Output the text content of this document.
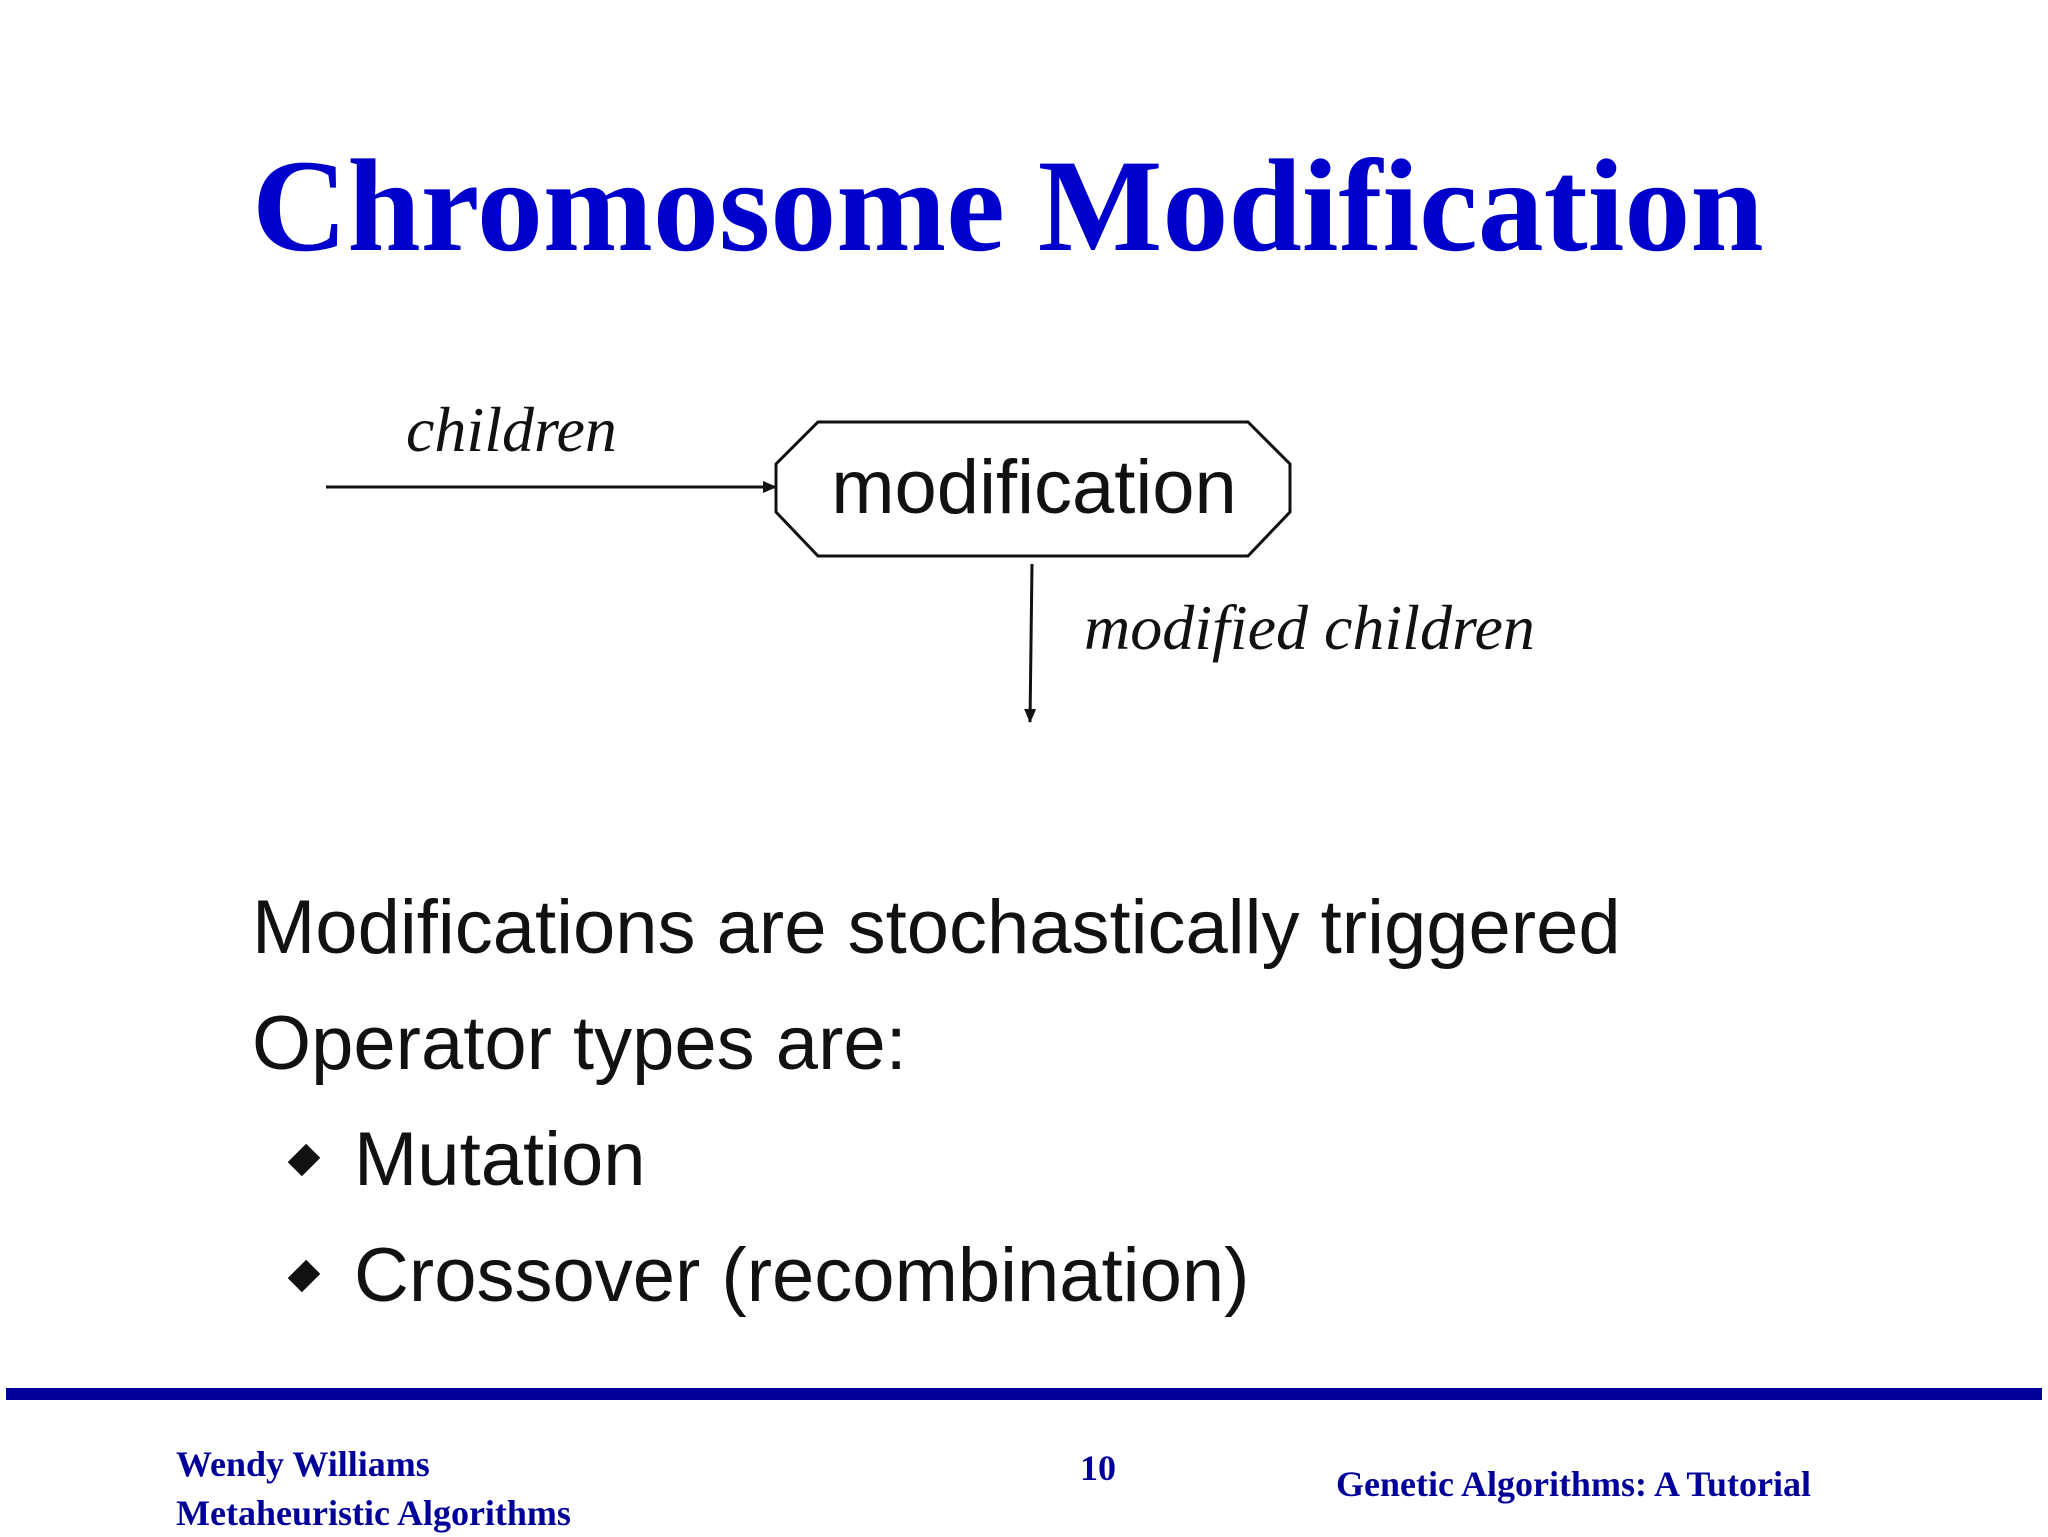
Chromosome Modification
children
modification
modified children
Modifications are stochastically triggered
Operator types are:
Mutation
Crossover (recombination)
Wendy Williams
Metaheuristic Algorithms
10	Genetic Algorithms: A Tutorial
